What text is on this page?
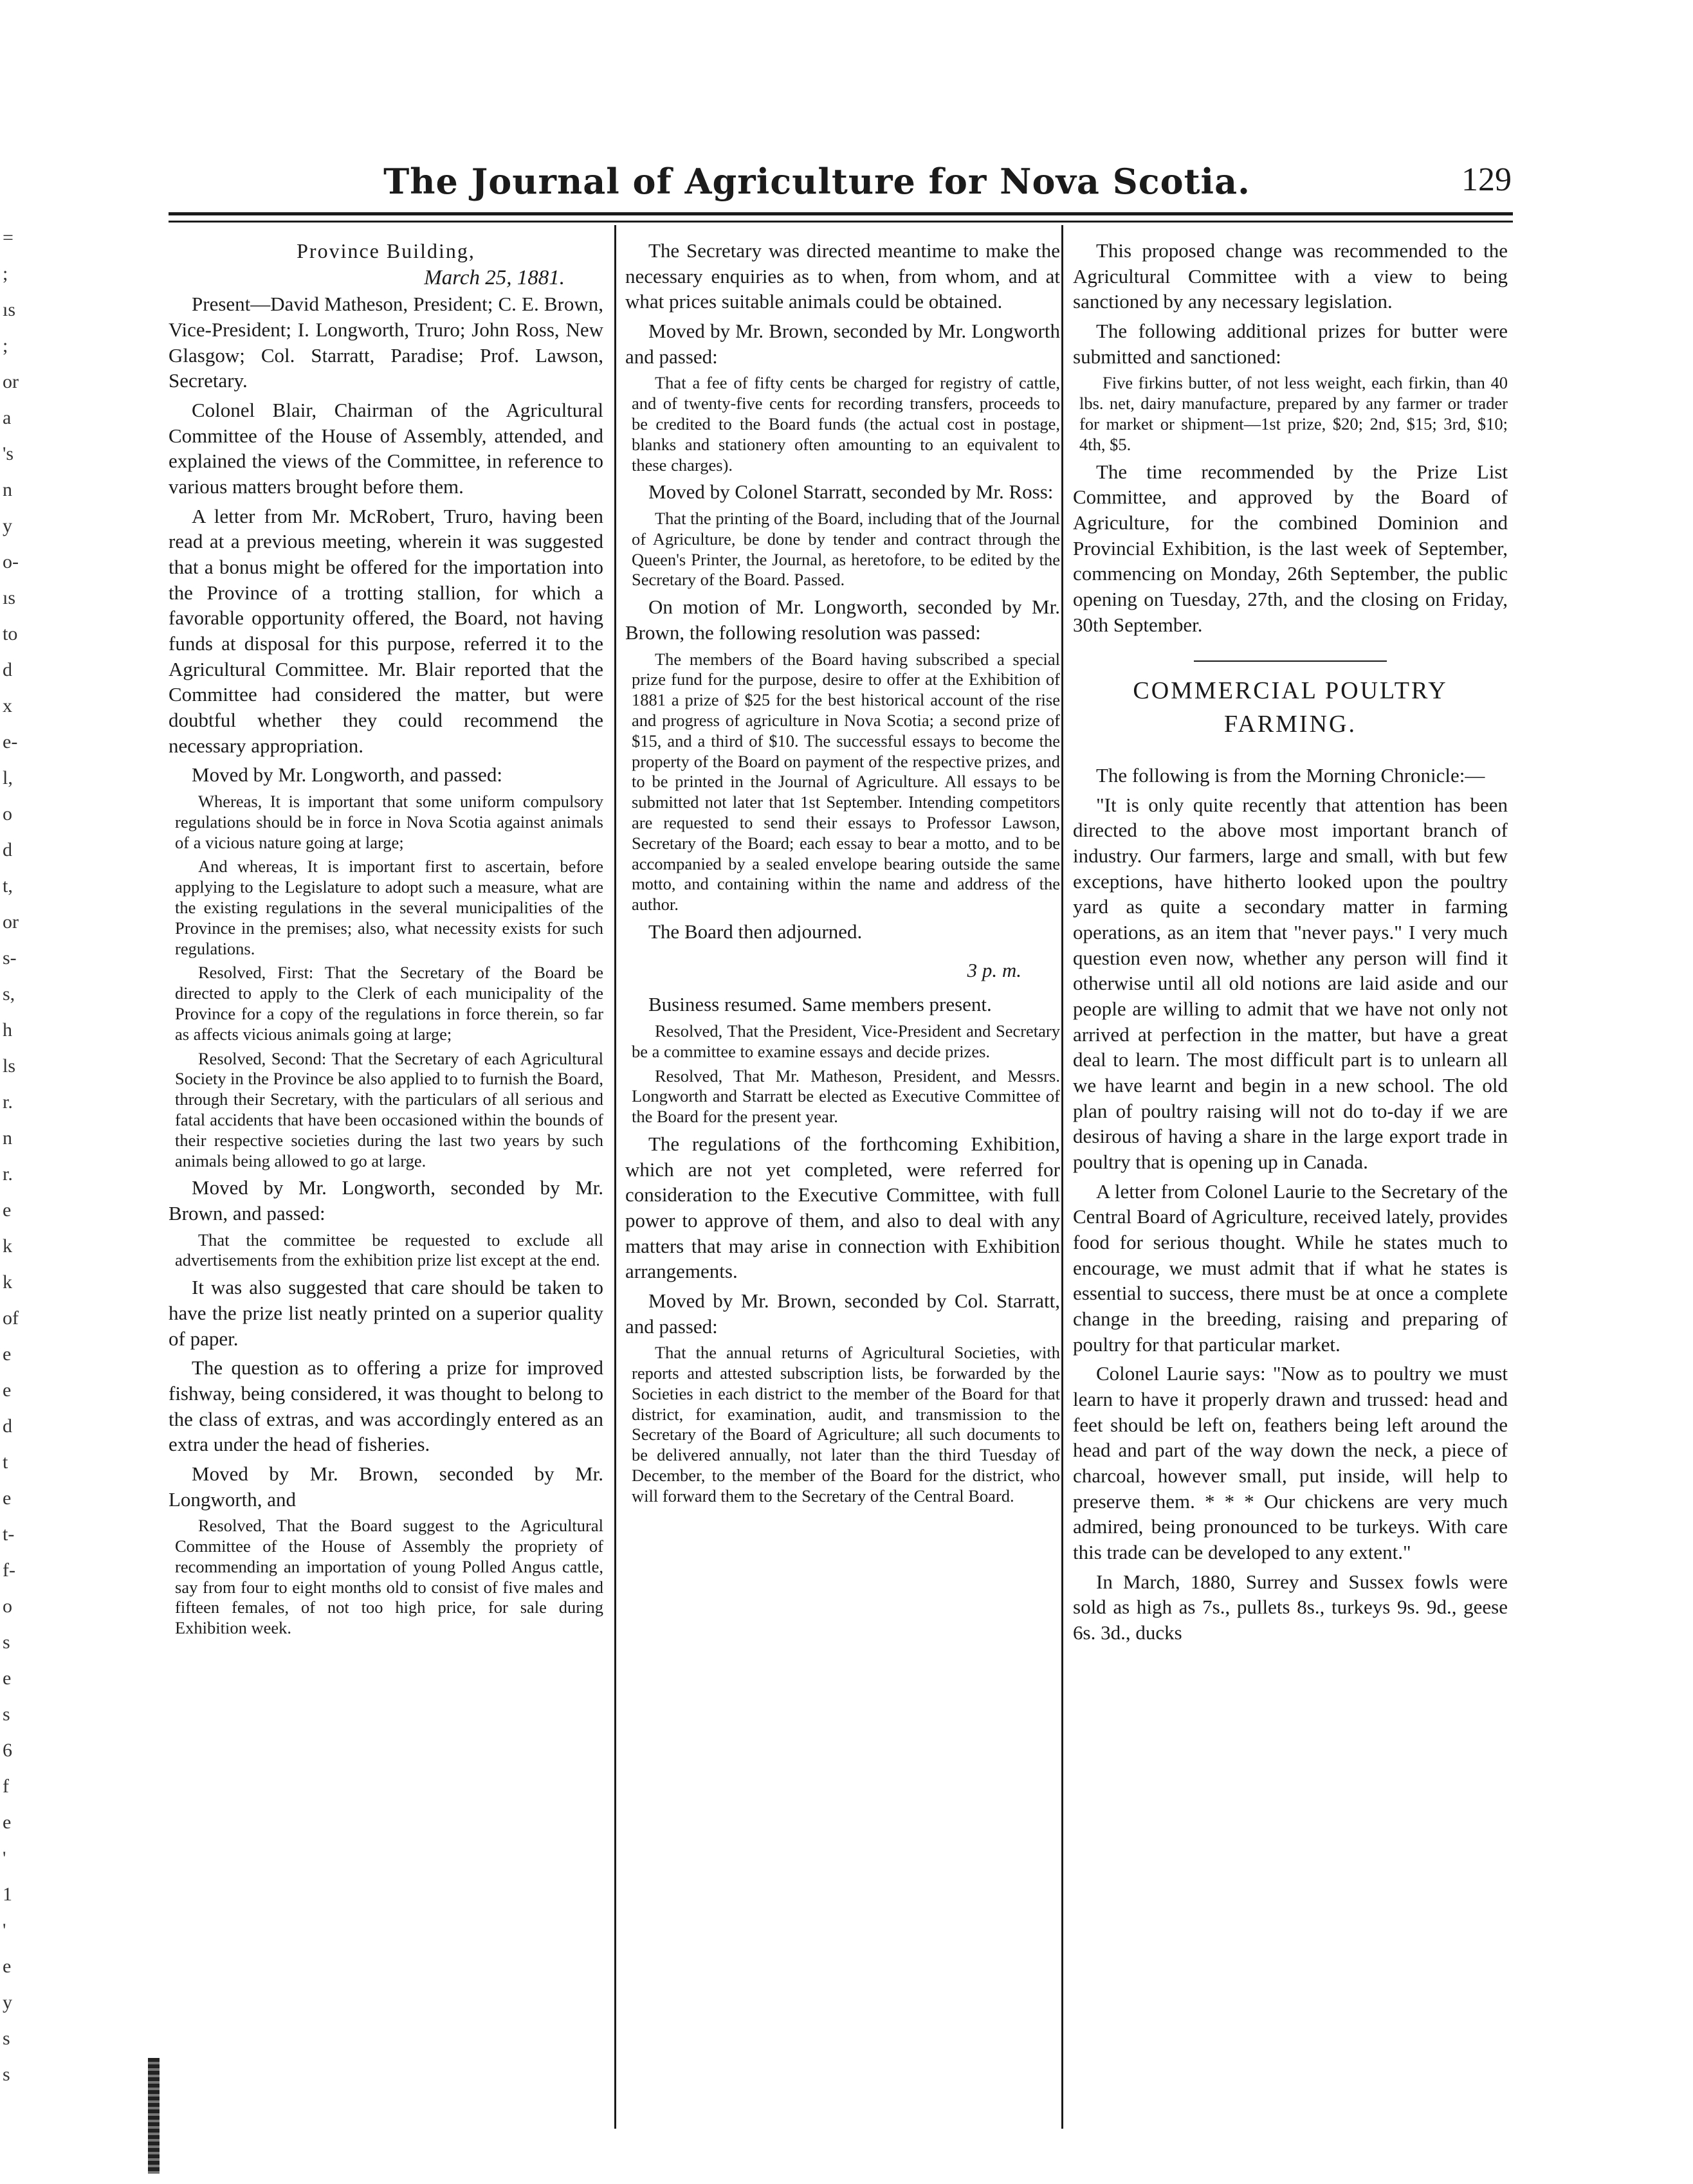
The Journal of Agriculture for Nova Scotia.	129
=
;
ıs
;
or
a
's
n
y
o-
ıs
to
d
x
e-
l,
o
d
t,
or
s-
s,
h
ls
r.
n
r.
e
k
k
of
e
e
d
t
e
t-
f-
o
s
e
s
6
f
e
'
1
'
e
y
s
s
Province Building,
March 25, 1881.

Present—David Matheson, President; C. E. Brown, Vice-President; I. Longworth, Truro; John Ross, New Glasgow; Col. Starratt, Paradise; Prof. Lawson, Secretary.

Colonel Blair, Chairman of the Agricultural Committee of the House of Assembly, attended, and explained the views of the Committee, in reference to various matters brought before them.

A letter from Mr. McRobert, Truro, having been read at a previous meeting, wherein it was suggested that a bonus might be offered for the importation into the Province of a trotting stallion, for which a favorable opportunity offered, the Board, not having funds at disposal for this purpose, referred it to the Agricultural Committee. Mr. Blair reported that the Committee had considered the matter, but were doubtful whether they could recommend the necessary appropriation.

Moved by Mr. Longworth, and passed:

Whereas, It is important that some uniform compulsory regulations should be in force in Nova Scotia against animals of a vicious nature going at large;

And whereas, It is important first to ascertain, before applying to the Legislature to adopt such a measure, what are the existing regulations in the several municipalities of the Province in the premises; also, what necessity exists for such regulations.

Resolved, First: That the Secretary of the Board be directed to apply to the Clerk of each municipality of the Province for a copy of the regulations in force therein, so far as affects vicious animals going at large;

Resolved, Second: That the Secretary of each Agricultural Society in the Province be also applied to to furnish the Board, through their Secretary, with the particulars of all serious and fatal accidents that have been occasioned within the bounds of their respective societies during the last two years by such animals being allowed to go at large.

Moved by Mr. Longworth, seconded by Mr. Brown, and passed:

That the committee be requested to exclude all advertisements from the exhibition prize list except at the end.

It was also suggested that care should be taken to have the prize list neatly printed on a superior quality of paper.

The question as to offering a prize for improved fishway, being considered, it was thought to belong to the class of extras, and was accordingly entered as an extra under the head of fisheries.

Moved by Mr. Brown, seconded by Mr. Longworth, and

Resolved, That the Board suggest to the Agricultural Committee of the House of Assembly the propriety of recommending an importation of young Polled Angus cattle, say from four to eight months old to consist of five males and fifteen females, of not too high price, for sale during Exhibition week.

The Secretary was directed meantime to make the necessary enquiries as to when, from whom, and at what prices suitable animals could be obtained.

Moved by Mr. Brown, seconded by Mr. Longworth and passed:

That a fee of fifty cents be charged for registry of cattle, and of twenty-five cents for recording transfers, proceeds to be credited to the Board funds (the actual cost in postage, blanks and stationery often amounting to an equivalent to these charges).

Moved by Colonel Starratt, seconded by Mr. Ross:

That the printing of the Board, including that of the Journal of Agriculture, be done by tender and contract through the Queen's Printer, the Journal, as heretofore, to be edited by the Secretary of the Board. Passed.

On motion of Mr. Longworth, seconded by Mr. Brown, the following resolution was passed:

The members of the Board having subscribed a special prize fund for the purpose, desire to offer at the Exhibition of 1881 a prize of $25 for the best historical account of the rise and progress of agriculture in Nova Scotia; a second prize of $15, and a third of $10. The successful essays to become the property of the Board on payment of the respective prizes, and to be printed in the Journal of Agriculture. All essays to be submitted not later that 1st September. Intending competitors are requested to send their essays to Professor Lawson, Secretary of the Board; each essay to bear a motto, and to be accompanied by a sealed envelope bearing outside the same motto, and containing within the name and address of the author.

The Board then adjourned.

3 p. m.

Business resumed. Same members present.

Resolved, That the President, Vice-President and Secretary be a committee to examine essays and decide prizes.

Resolved, That Mr. Matheson, President, and Messrs. Longworth and Starratt be elected as Executive Committee of the Board for the present year.

The regulations of the forthcoming Exhibition, which are not yet completed, were referred for consideration to the Executive Committee, with full power to approve of them, and also to deal with any matters that may arise in connection with Exhibition arrangements.

Moved by Mr. Brown, seconded by Col. Starratt, and passed:

That the annual returns of Agricultural Societies, with reports and attested subscription lists, be forwarded by the Societies in each district to the member of the Board for that district, for examination, audit, and transmission to the Secretary of the Board of Agriculture; all such documents to be delivered annually, not later than the third Tuesday of December, to the member of the Board for the district, who will forward them to the Secretary of the Central Board.

This proposed change was recommended to the Agricultural Committee with a view to being sanctioned by any necessary legislation.

The following additional prizes for butter were submitted and sanctioned:

Five firkins butter, of not less weight, each firkin, than 40 lbs. net, dairy manufacture, prepared by any farmer or trader for market or shipment—1st prize, $20; 2nd, $15; 3rd, $10; 4th, $5.

The time recommended by the Prize List Committee, and approved by the Board of Agriculture, for the combined Dominion and Provincial Exhibition, is the last week of September, commencing on Monday, 26th September, the public opening on Tuesday, 27th, and the closing on Friday, 30th September.

COMMERCIAL POULTRY
FARMING.

The following is from the Morning Chronicle:—

"It is only quite recently that attention has been directed to the above most important branch of industry. Our farmers, large and small, with but few exceptions, have hitherto looked upon the poultry yard as quite a secondary matter in farming operations, as an item that "never pays." I very much question even now, whether any person will find it otherwise until all old notions are laid aside and our people are willing to admit that we have not only not arrived at perfection in the matter, but have a great deal to learn. The most difficult part is to unlearn all we have learnt and begin in a new school. The old plan of poultry raising will not do to-day if we are desirous of having a share in the large export trade in poultry that is opening up in Canada.

A letter from Colonel Laurie to the Secretary of the Central Board of Agriculture, received lately, provides food for serious thought. While he states much to encourage, we must admit that if what he states is essential to success, there must be at once a complete change in the breeding, raising and preparing of poultry for that particular market.

Colonel Laurie says: "Now as to poultry we must learn to have it properly drawn and trussed: head and feet should be left on, feathers being left around the head and part of the way down the neck, a piece of charcoal, however small, put inside, will help to preserve them. * * * Our chickens are very much admired, being pronounced to be turkeys. With care this trade can be developed to any extent."

In March, 1880, Surrey and Sussex fowls were sold as high as 7s., pullets 8s., turkeys 9s. 9d., geese 6s. 3d., ducks
